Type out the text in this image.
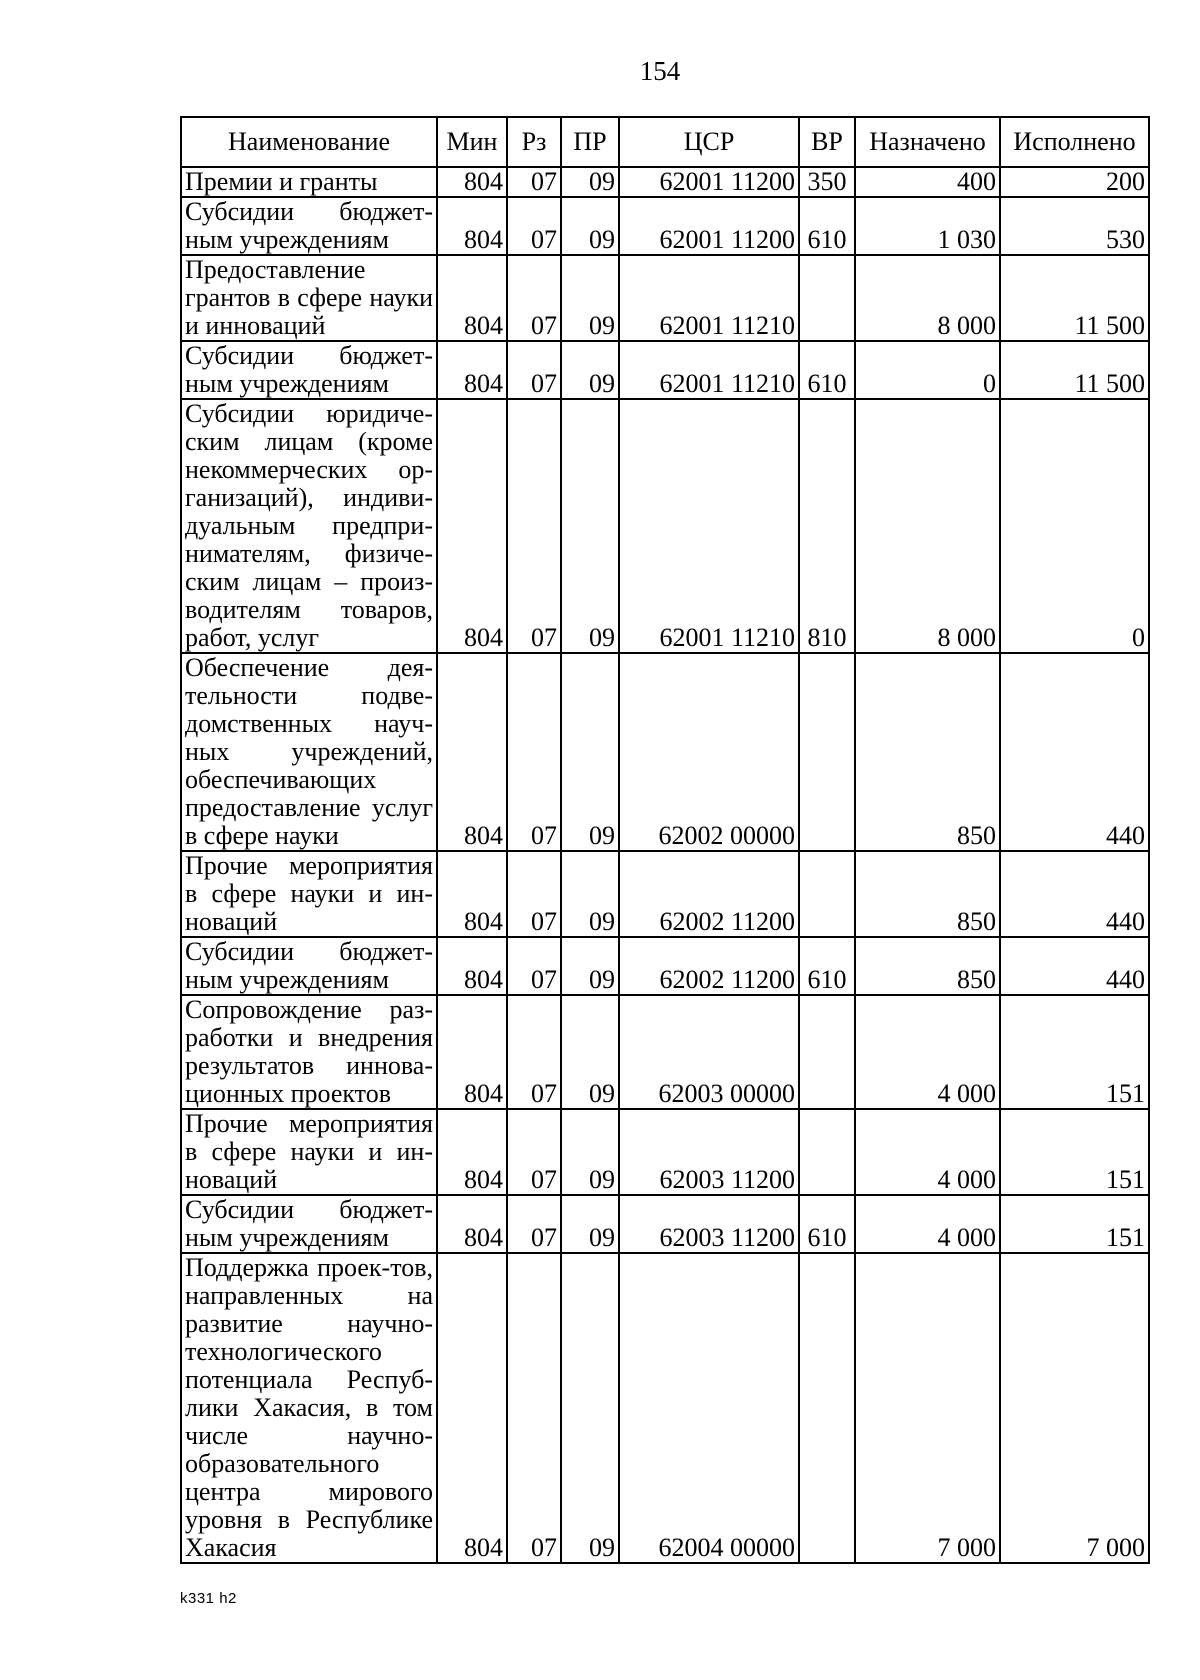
154
Наименование	Мин	Рз	ПР	ЦСР	ВР	Назначено	Исполнено
Премии и гранты	804	07	09	62001 11200	350	400	200
Субсидии бюджет-ным учреждениям	804	07	09	62001 11200	610	1 030	530
Предоставление грантов в сфере науки и инноваций	804	07	09	62001 11210		8 000	11 500
Субсидии бюджет-ным учреждениям	804	07	09	62001 11210	610	0	11 500
Субсидии юридиче-ским лицам (кроме некоммерческих ор-ганизаций), индиви-дуальным предпри-нимателям, физиче-ским лицам – произ-водителям товаров, работ, услуг	804	07	09	62001 11210	810	8 000	0
Обеспечение дея-тельности подве-домственных науч-ных учреждений, обеспечивающих предоставление услуг в сфере науки	804	07	09	62002 00000		850	440
Прочие мероприятия в сфере науки и ин-новаций	804	07	09	62002 11200		850	440
Субсидии бюджет-ным учреждениям	804	07	09	62002 11200	610	850	440
Сопровождение раз-работки и внедрения результатов иннова-ционных проектов	804	07	09	62003 00000		4 000	151
Прочие мероприятия в сфере науки и ин-новаций	804	07	09	62003 11200		4 000	151
Субсидии бюджет-ным учреждениям	804	07	09	62003 11200	610	4 000	151
Поддержка проек-тов, направленных на развитие научно-технологического потенциала Респуб-лики Хакасия, в том числе научно-образовательного центра мирового уровня в Республике Хакасия	804	07	09	62004 00000		7 000	7 000
k331 h2
